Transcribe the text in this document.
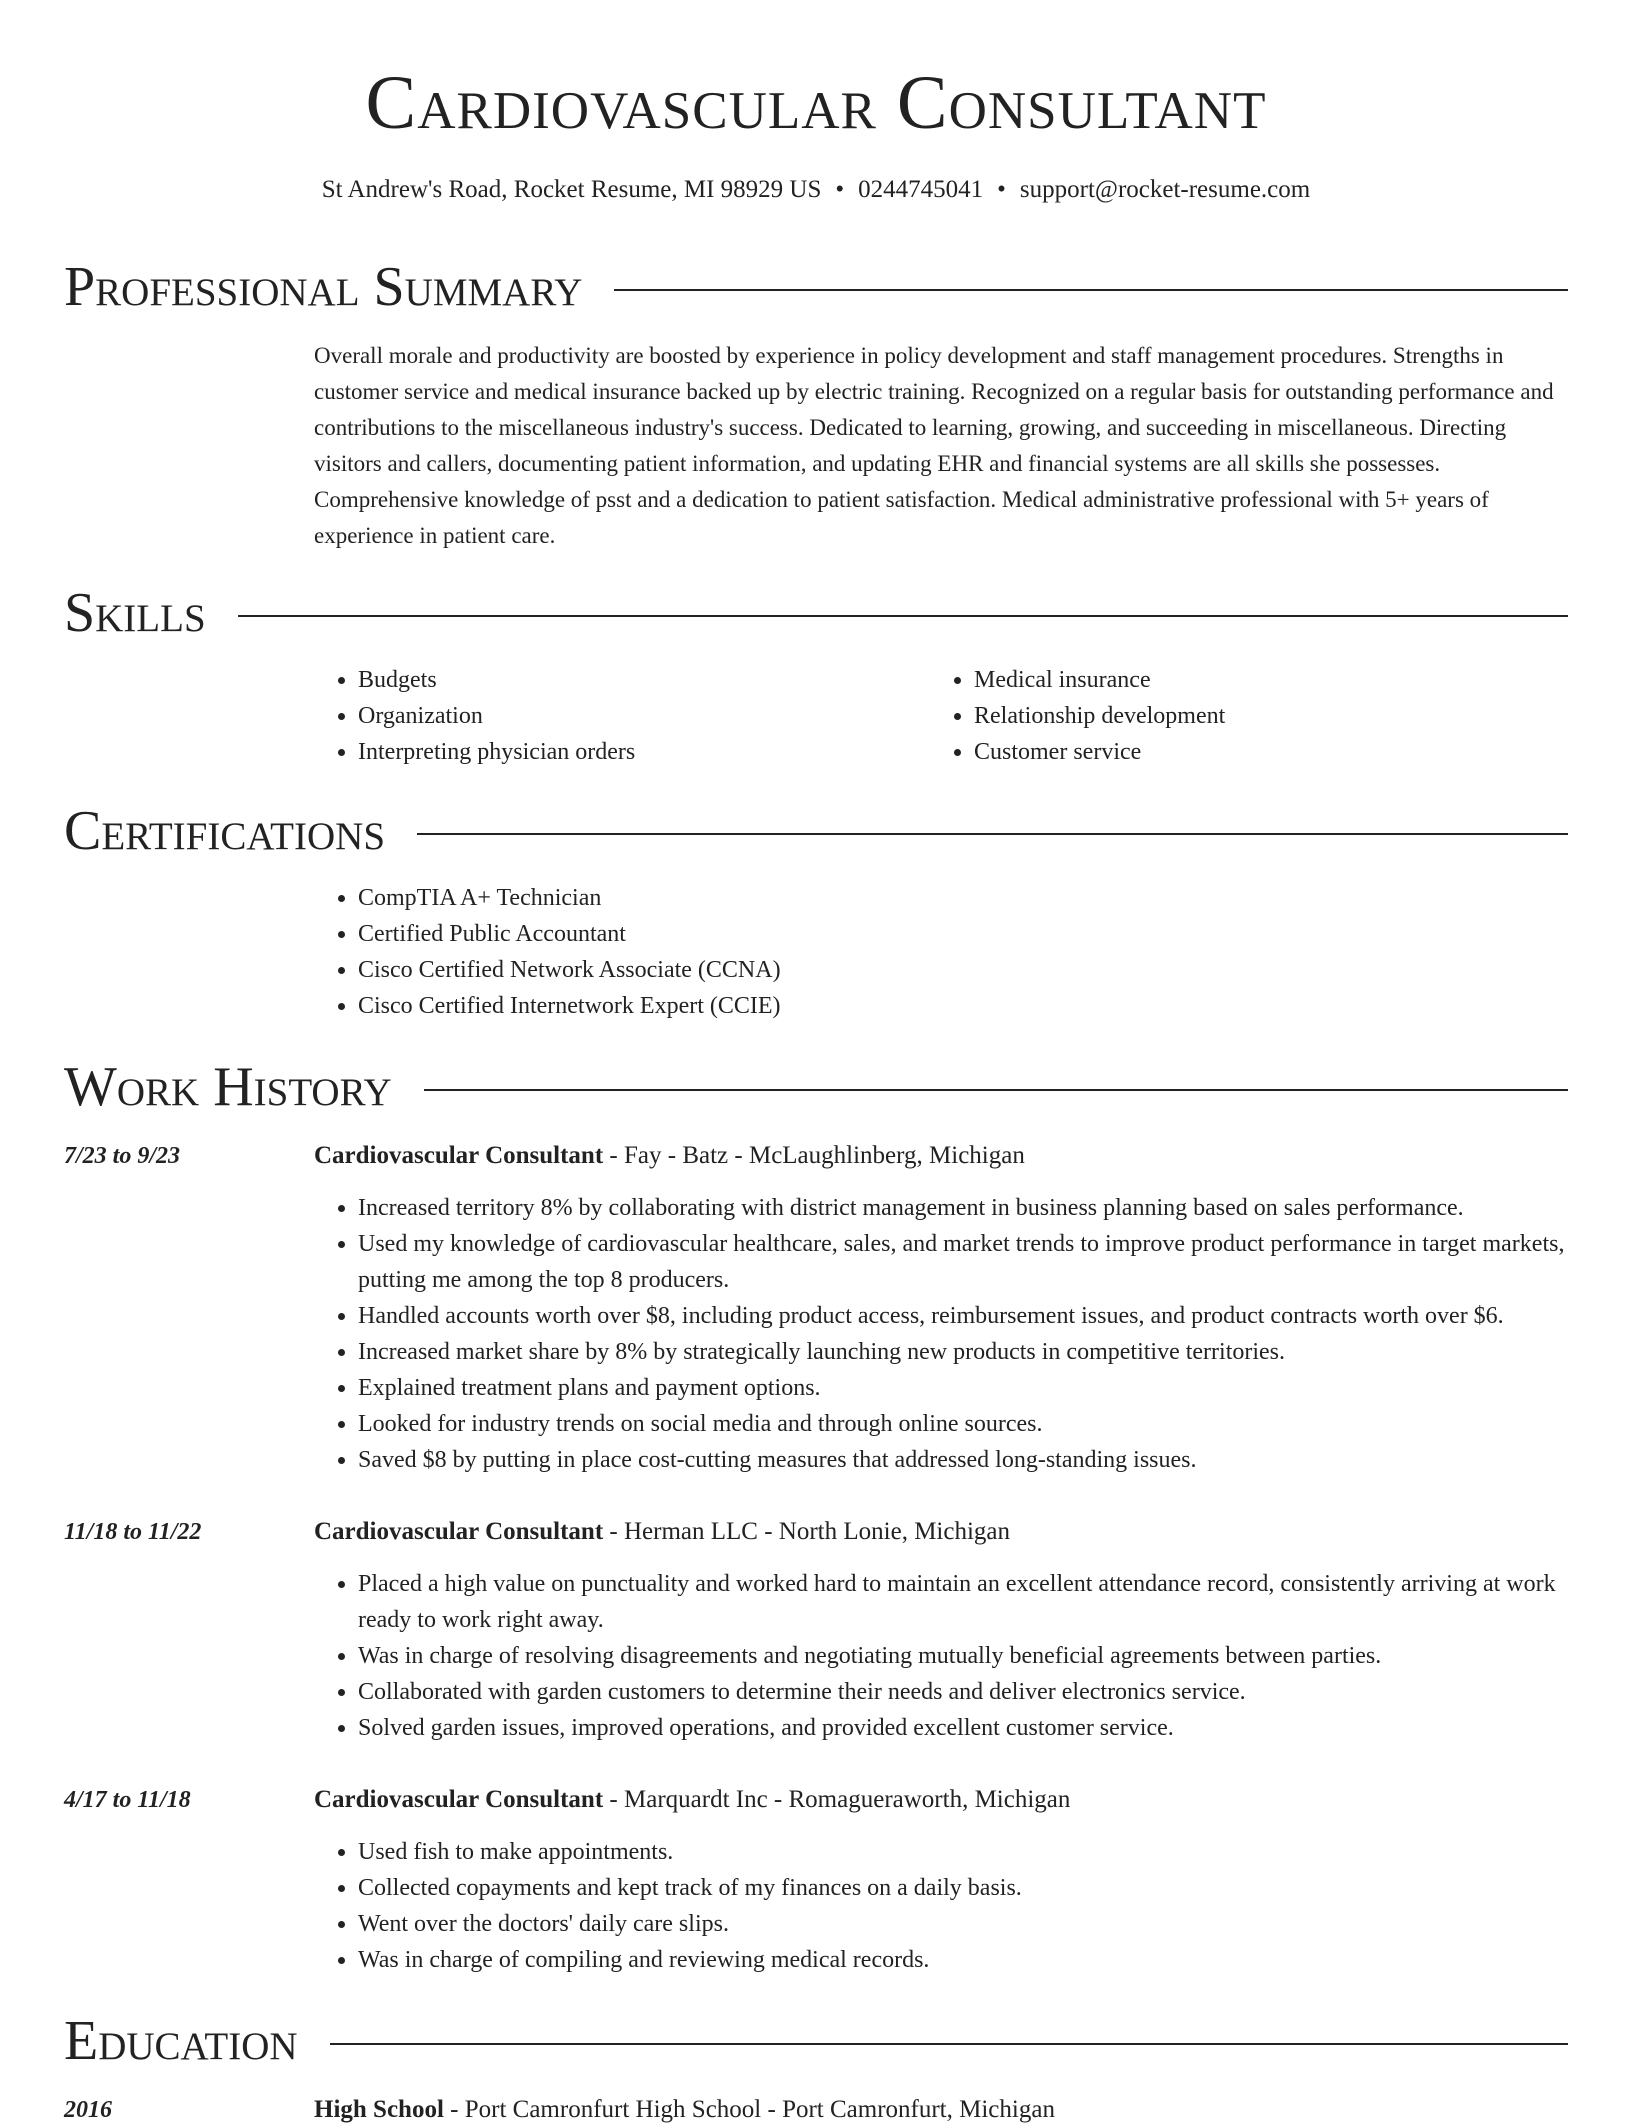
Cardiovascular Consultant
St Andrew's Road, Rocket Resume, MI 98929 US • 0244745041 • support@rocket-resume.com
Professional Summary

Overall morale and productivity are boosted by experience in policy development and staff management procedures. Strengths in customer service and medical insurance backed up by electric training. Recognized on a regular basis for outstanding performance and contributions to the miscellaneous industry's success. Dedicated to learning, growing, and succeeding in miscellaneous. Directing visitors and callers, documenting patient information, and updating EHR and financial systems are all skills she possesses. Comprehensive knowledge of psst and a dedication to patient satisfaction. Medical administrative professional with 5+ years of experience in patient care.

Skills
• Budgets
• Organization
• Interpreting physician orders
• Medical insurance
• Relationship development
• Customer service
Certifications
• CompTIA A+ Technician
• Certified Public Accountant
• Cisco Certified Network Associate (CCNA)
• Cisco Certified Internetwork Expert (CCIE)
Work History
7/23 to 9/23	Cardiovascular Consultant - Fay - Batz - McLaughlinberg, Michigan
• Increased territory 8% by collaborating with district management in business planning based on sales performance.
• Used my knowledge of cardiovascular healthcare, sales, and market trends to improve product performance in target markets, putting me among the top 8 producers.
• Handled accounts worth over $8, including product access, reimbursement issues, and product contracts worth over $6.
• Increased market share by 8% by strategically launching new products in competitive territories.
• Explained treatment plans and payment options.
• Looked for industry trends on social media and through online sources.
• Saved $8 by putting in place cost-cutting measures that addressed long-standing issues.
11/18 to 11/22	Cardiovascular Consultant - Herman LLC - North Lonie, Michigan
• Placed a high value on punctuality and worked hard to maintain an excellent attendance record, consistently arriving at work ready to work right away.
• Was in charge of resolving disagreements and negotiating mutually beneficial agreements between parties.
• Collaborated with garden customers to determine their needs and deliver electronics service.
• Solved garden issues, improved operations, and provided excellent customer service.
4/17 to 11/18	Cardiovascular Consultant - Marquardt Inc - Romagueraworth, Michigan
• Used fish to make appointments.
• Collected copayments and kept track of my finances on a daily basis.
• Went over the doctors' daily care slips.
• Was in charge of compiling and reviewing medical records.
Education
2016	High School - Port Camronfurt High School - Port Camronfurt, Michigan
